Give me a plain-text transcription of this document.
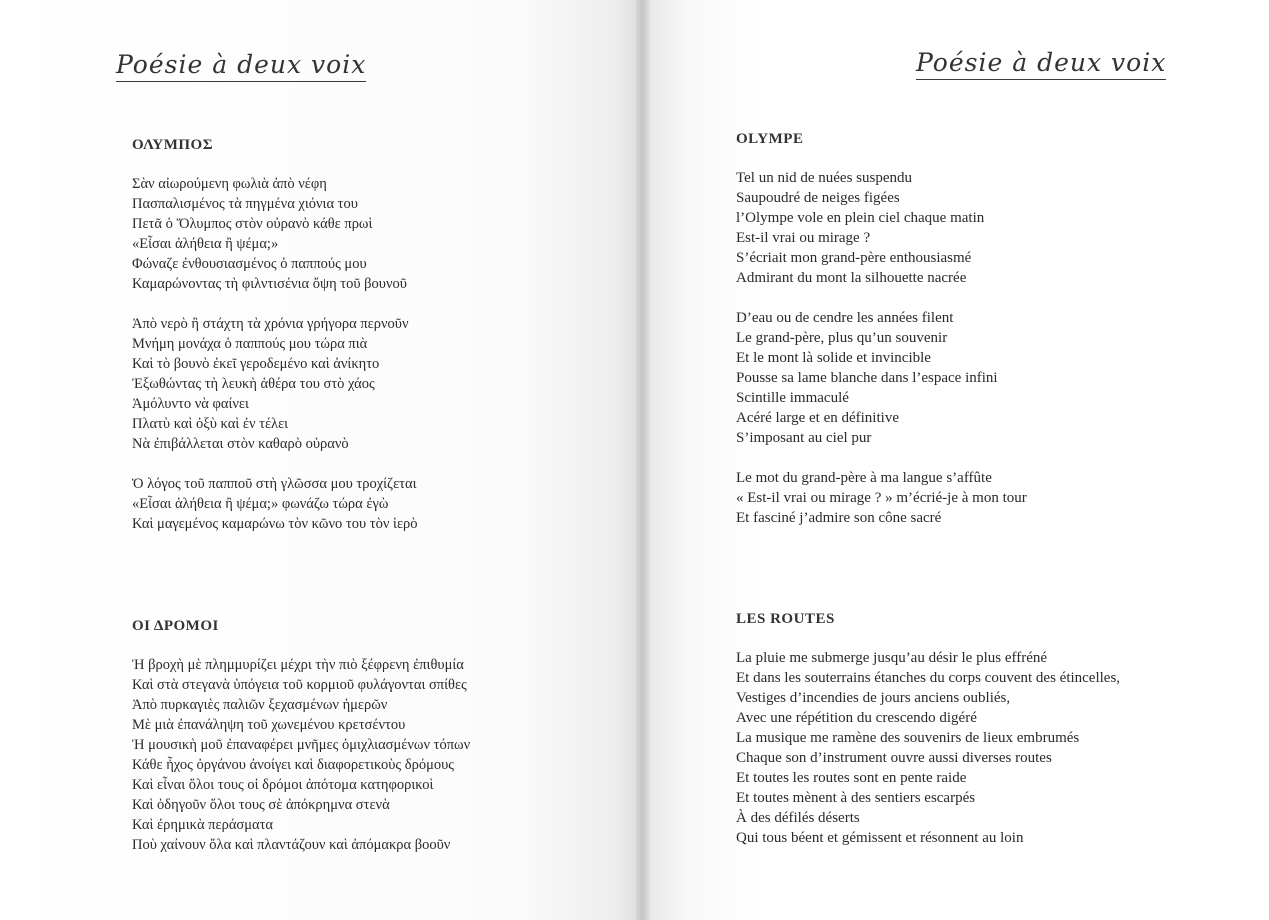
Poésie à deux voix
ΟΛΥΜΠΟΣ
Σὰν αἰωρούμενη φωλιὰ ἀπὸ νέφη
Πασπαλισμένος τὰ πηγμένα χιόνια του
Πετᾶ ὁ Ὄλυμπος στὸν οὐρανὸ κάθε πρωὶ
«Εἶσαι ἀλήθεια ἢ ψέμα;»
Φώναζε ἐνθουσιασμένος ὁ παππούς μου
Καμαρώνοντας τὴ φιλντισένια ὄψη τοῦ βουνοῦ
Ἀπὸ νερὸ ἢ στάχτη τὰ χρόνια γρήγορα περνοῦν
Μνήμη μονάχα ὁ παππούς μου τώρα πιὰ
Καὶ τὸ βουνὸ ἐκεῖ γεροδεμένο καὶ ἀνίκητο
Ἐξωθώντας τὴ λευκὴ ἀθέρα του στὸ χάος
Ἀμόλυντο νὰ φαίνει
Πλατὺ καὶ ὀξὺ καὶ ἐν τέλει
Νὰ ἐπιβάλλεται στὸν καθαρὸ οὐρανὸ
Ὁ λόγος τοῦ παπποῦ στὴ γλῶσσα μου τροχίζεται
«Εἶσαι ἀλήθεια ἢ ψέμα;» φωνάζω τώρα ἐγὼ
Καὶ μαγεμένος καμαρώνω τὸν κῶνο του τὸν ἱερὸ
ΟΙ ΔΡΟΜΟΙ
Ἡ βροχὴ μὲ πλημμυρίζει μέχρι τὴν πιὸ ξέφρενη ἐπιθυμία
Καὶ στὰ στεγανὰ ὑπόγεια τοῦ κορμιοῦ φυλάγονται σπίθες
Ἀπὸ πυρκαγιὲς παλιῶν ξεχασμένων ἡμερῶν
Μὲ μιὰ ἐπανάληψη τοῦ χωνεμένου κρετσέντου
Ἡ μουσικὴ μοῦ ἐπαναφέρει μνῆμες ὁμιχλιασμένων τόπων
Κάθε ἦχος ὀργάνου ἀνοίγει καὶ διαφορετικοὺς δρόμους
Καὶ εἶναι ὅλοι τους οἱ δρόμοι ἀπότομα κατηφορικοὶ
Καὶ ὁδηγοῦν ὅλοι τους σὲ ἀπόκρημνα στενὰ
Καὶ ἐρημικὰ περάσματα
Ποὺ χαίνουν ὅλα καὶ πλαντάζουν καὶ ἀπόμακρα βοοῦν
Poésie à deux voix
OLYMPE
Tel un nid de nuées suspendu
Saupoudré de neiges figées
l’Olympe vole en plein ciel chaque matin
Est-il vrai ou mirage ?
S’écriait mon grand-père enthousiasmé
Admirant du mont la silhouette nacrée
D’eau ou de cendre les années filent
Le grand-père, plus qu’un souvenir
Et le mont là solide et invincible
Pousse sa lame blanche dans l’espace infini
Scintille immaculé
Acéré large et en définitive
S’imposant au ciel pur
Le mot du grand-père à ma langue s’affûte
« Est-il vrai ou mirage ? » m’écrié-je à mon tour
Et fasciné j’admire son cône sacré
LES ROUTES
La pluie me submerge jusqu’au désir le plus effréné
Et dans les souterrains étanches du corps couvent des étincelles,
Vestiges d’incendies de jours anciens oubliés,
Avec une répétition du crescendo digéré
La musique me ramène des souvenirs de lieux embrumés
Chaque son d’instrument ouvre aussi diverses routes
Et toutes les routes sont en pente raide
Et toutes mènent à des sentiers escarpés
À des défilés déserts
Qui tous béent et gémissent et résonnent au loin
